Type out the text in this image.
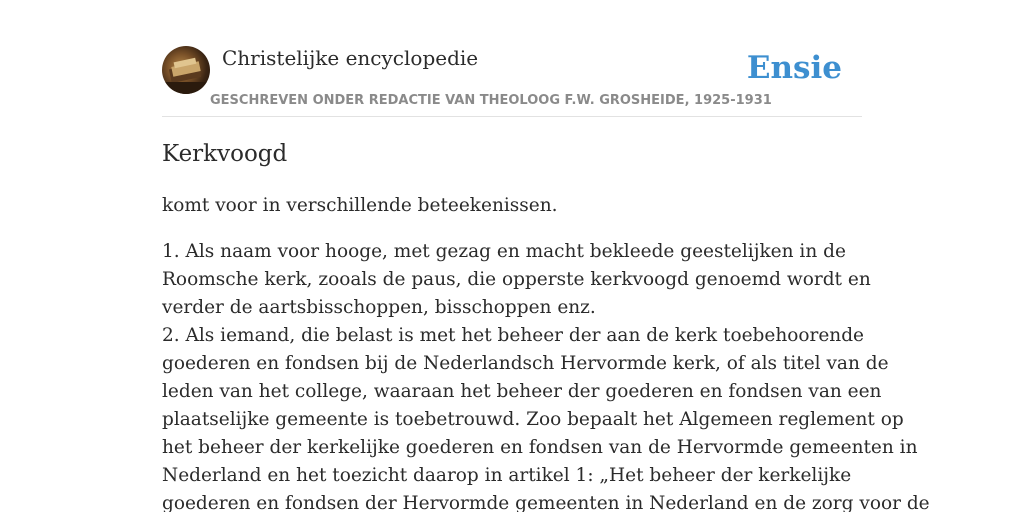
Christelijke encyclopedie
GESCHREVEN ONDER REDACTIE VAN THEOLOOG F.W. GROSHEIDE, 1925-1931
Ensie
Kerkvoogd

komt voor in verschillende beteekenissen.

1. Als naam voor hooge, met gezag en macht bekleede geestelijken in de
Roomsche kerk, zooals de paus, die opperste kerkvoogd genoemd wordt en
verder de aartsbisschoppen, bisschoppen enz.
2. Als iemand, die belast is met het beheer der aan de kerk toebehoorende
goederen en fondsen bij de Nederlandsch Hervormde kerk, of als titel van de
leden van het college, waaraan het beheer der goederen en fondsen van een
plaatselijke gemeente is toebetrouwd. Zoo bepaalt het Algemeen reglement op
het beheer der kerkelijke goederen en fondsen van de Hervormde gemeenten in
Nederland en het toezicht daarop in artikel 1: „Het beheer der kerkelijke
goederen en fondsen der Hervormde gemeenten in Nederland en de zorg voor de
